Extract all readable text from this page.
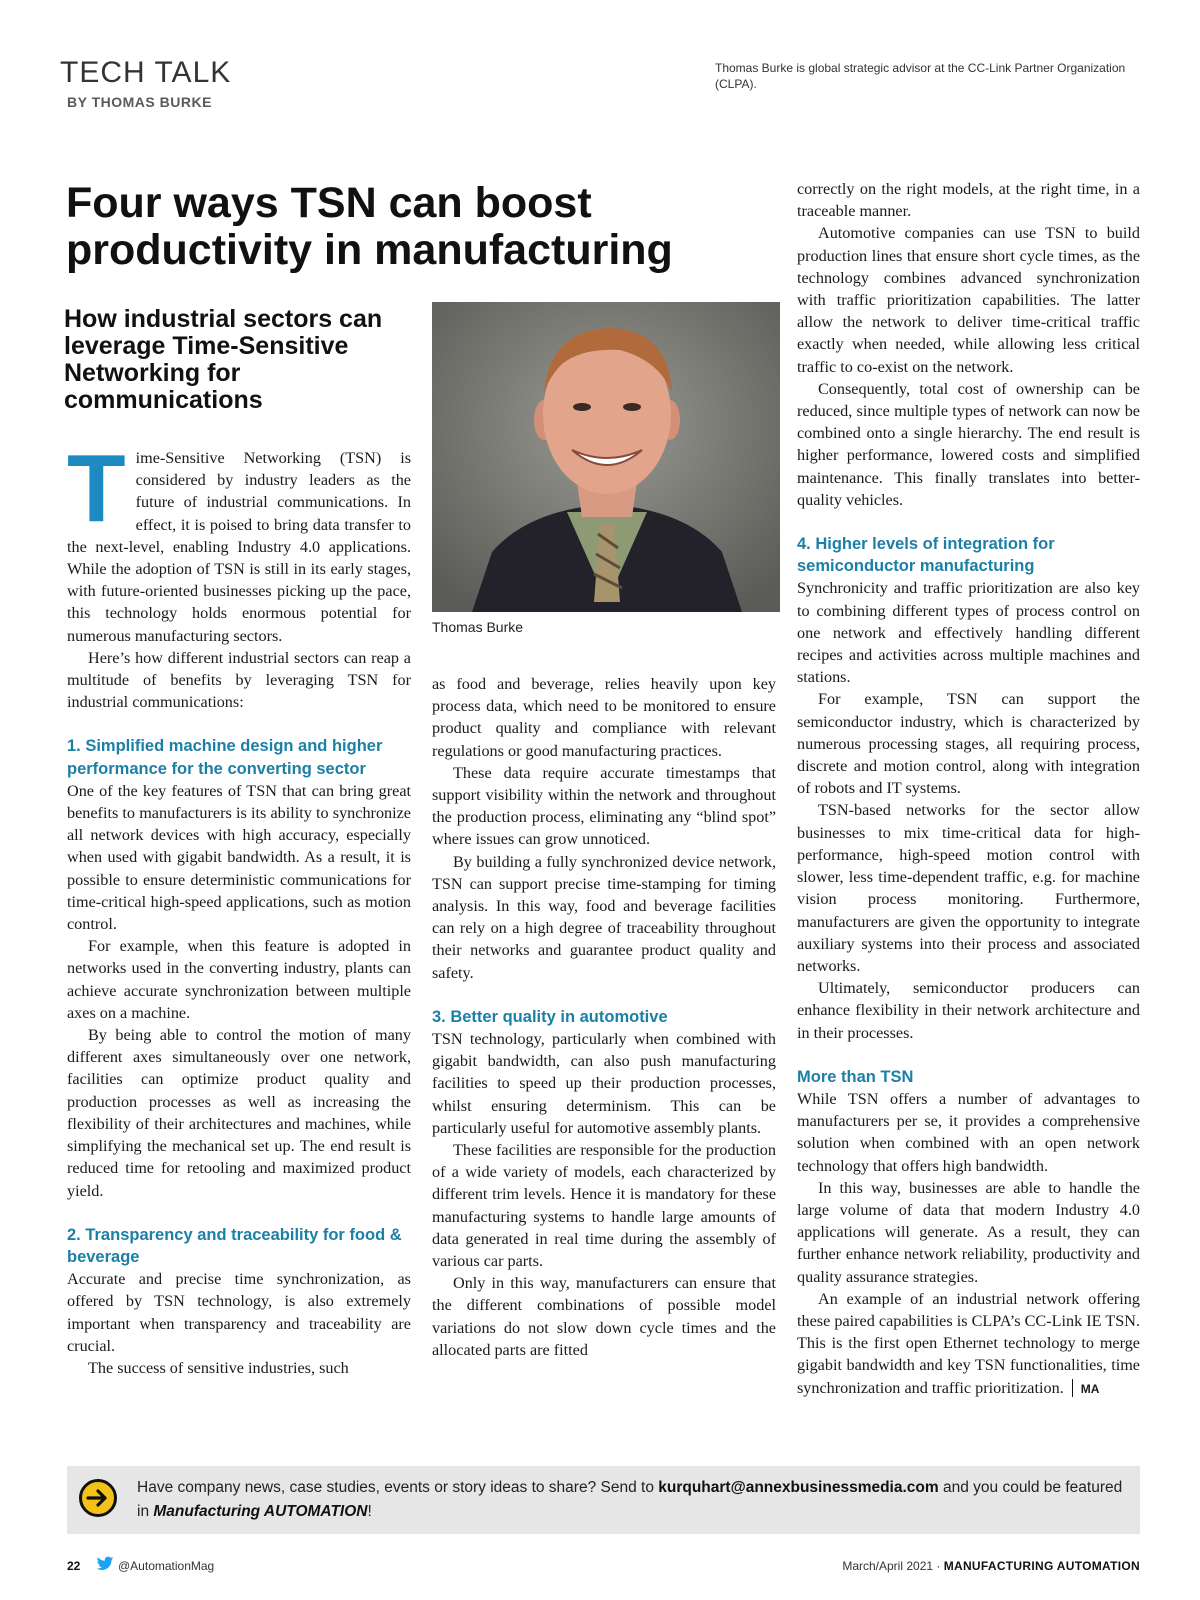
TECH TALK
BY THOMAS BURKE
Thomas Burke is global strategic advisor at the CC-Link Partner Organization (CLPA).
Four ways TSN can boost productivity in manufacturing
How industrial sectors can leverage Time-Sensitive Networking for communications
Thomas Burke

Time-Sensitive Networking (TSN) is considered by industry leaders as the future of industrial communications. In effect, it is poised to bring data transfer to the next-level, enabling Industry 4.0 applications. While the adoption of TSN is still in its early stages, with future-oriented businesses picking up the pace, this technology holds enormous potential for numerous manufacturing sectors.

Here’s how different industrial sectors can reap a multitude of benefits by leveraging TSN for industrial communications:

1. Simplified machine design and higher performance for the converting sector

One of the key features of TSN that can bring great benefits to manufacturers is its ability to synchronize all network devices with high accuracy, especially when used with gigabit bandwidth. As a result, it is possible to ensure deterministic communications for time-critical high-speed applications, such as motion control.

For example, when this feature is adopted in networks used in the converting industry, plants can achieve accurate synchronization between multiple axes on a machine.

By being able to control the motion of many different axes simultaneously over one network, facilities can optimize product quality and production processes as well as increasing the flexibility of their architectures and machines, while simplifying the mechanical set up. The end result is reduced time for retooling and maximized product yield.

2. Transparency and traceability for food & beverage

Accurate and precise time synchronization, as offered by TSN technology, is also extremely important when transparency and traceability are crucial.

The success of sensitive industries, such

as food and beverage, relies heavily upon key process data, which need to be monitored to ensure product quality and compliance with relevant regulations or good manufacturing practices.

These data require accurate timestamps that support visibility within the network and throughout the production process, eliminating any “blind spot” where issues can grow unnoticed.

By building a fully synchronized device network, TSN can support precise time-stamping for timing analysis. In this way, food and beverage facilities can rely on a high degree of traceability throughout their networks and guarantee product quality and safety.

3. Better quality in automotive

TSN technology, particularly when combined with gigabit bandwidth, can also push manufacturing facilities to speed up their production processes, whilst ensuring determinism. This can be particularly useful for automotive assembly plants.

These facilities are responsible for the production of a wide variety of models, each characterized by different trim levels. Hence it is mandatory for these manufacturing systems to handle large amounts of data generated in real time during the assembly of various car parts.

Only in this way, manufacturers can ensure that the different combinations of possible model variations do not slow down cycle times and the allocated parts are fitted

correctly on the right models, at the right time, in a traceable manner.

Automotive companies can use TSN to build production lines that ensure short cycle times, as the technology combines advanced synchronization with traffic prioritization capabilities. The latter allow the network to deliver time-critical traffic exactly when needed, while allowing less critical traffic to co-exist on the network.

Consequently, total cost of ownership can be reduced, since multiple types of network can now be combined onto a single hierarchy. The end result is higher performance, lowered costs and simplified maintenance. This finally translates into better-quality vehicles.

4. Higher levels of integration for semiconductor manufacturing

Synchronicity and traffic prioritization are also key to combining different types of process control on one network and effectively handling different recipes and activities across multiple machines and stations.

For example, TSN can support the semiconductor industry, which is characterized by numerous processing stages, all requiring process, discrete and motion control, along with integration of robots and IT systems.

TSN-based networks for the sector allow businesses to mix time-critical data for high-performance, high-speed motion control with slower, less time-dependent traffic, e.g. for machine vision process monitoring. Furthermore, manufacturers are given the opportunity to integrate auxiliary systems into their process and associated networks.

Ultimately, semiconductor producers can enhance flexibility in their network architecture and in their processes.

More than TSN

While TSN offers a number of advantages to manufacturers per se, it provides a comprehensive solution when combined with an open network technology that offers high bandwidth.

In this way, businesses are able to handle the large volume of data that modern Industry 4.0 applications will generate. As a result, they can further enhance network reliability, productivity and quality assurance strategies.

An example of an industrial network offering these paired capabilities is CLPA’s CC-Link IE TSN. This is the first open Ethernet technology to merge gigabit bandwidth and key TSN functionalities, time synchronization and traffic prioritization. MA

Have company news, case studies, events or story ideas to share? Send to kurquhart@annexbusinessmedia.com and you could be featured in Manufacturing AUTOMATION!
22	@AutomationMag	March/April 2021 · MANUFACTURING AUTOMATION
